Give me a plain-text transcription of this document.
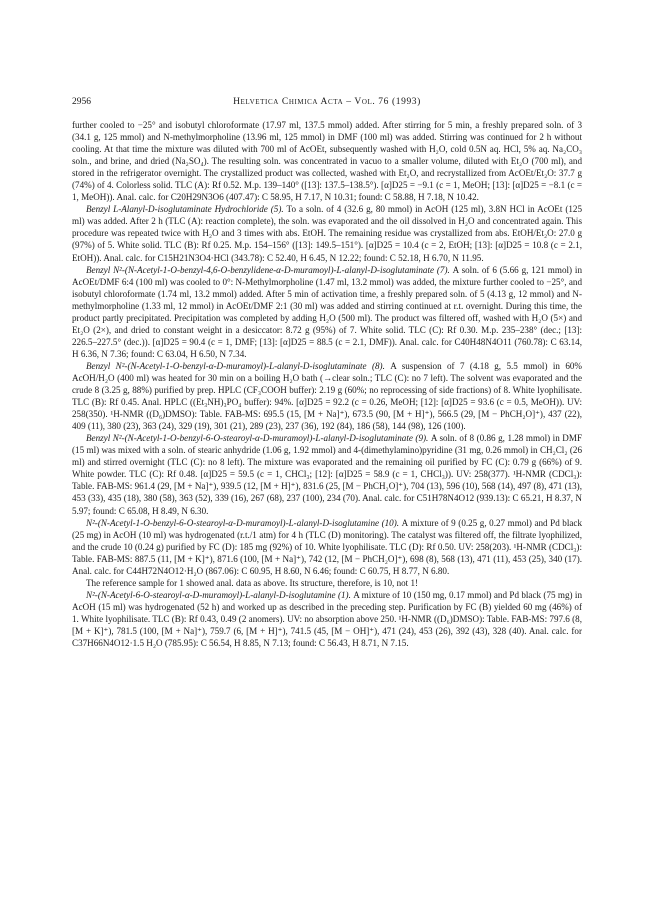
2956	Helvetica Chimica Acta – Vol. 76 (1993)

further cooled to −25° and isobutyl chloroformate (17.97 ml, 137.5 mmol) added. After stirring for 5 min, a freshly prepared soln. of 3 (34.1 g, 125 mmol) and N-methylmorpholine (13.96 ml, 125 mmol) in DMF (100 ml) was added. Stirring was continued for 2 h without cooling. At that time the mixture was diluted with 700 ml of AcOEt, subsequently washed with H₂O, cold 0.5N aq. HCl, 5% aq. Na₂CO₃ soln., and brine, and dried (Na₂SO₄). The resulting soln. was concentrated in vacuo to a smaller volume, diluted with Et₂O (700 ml), and stored in the refrigerator overnight. The crystallized product was collected, washed with Et₂O, and recrystallized from AcOEt/Et₂O: 37.7 g (74%) of 4. Colorless solid. TLC (A): Rf 0.52. M.p. 139–140° ([13]: 137.5–138.5°). [α]D25 = −9.1 (c = 1, MeOH; [13]: [α]D25 = −8.1 (c = 1, MeOH)). Anal. calc. for C20H29N3O6 (407.47): C 58.95, H 7.17, N 10.31; found: C 58.88, H 7.18, N 10.42.

Benzyl L-Alanyl-D-isoglutaminate Hydrochloride (5). To a soln. of 4 (32.6 g, 80 mmol) in AcOH (125 ml), 3.8N HCl in AcOEt (125 ml) was added. After 2 h (TLC (A): reaction complete), the soln. was evaporated and the oil dissolved in H₂O and concentrated again. This procedure was repeated twice with H₂O and 3 times with abs. EtOH. The remaining residue was crystallized from abs. EtOH/Et₂O: 27.0 g (97%) of 5. White solid. TLC (B): Rf 0.25. M.p. 154–156° ([13]: 149.5–151°). [α]D25 = 10.4 (c = 2, EtOH; [13]: [α]D25 = 10.8 (c = 2.1, EtOH)). Anal. calc. for C15H21N3O4·HCl (343.78): C 52.40, H 6.45, N 12.22; found: C 52.18, H 6.70, N 11.95.

Benzyl N²-(N-Acetyl-1-O-benzyl-4,6-O-benzylidene-α-D-muramoyl)-L-alanyl-D-isoglutaminate (7). A soln. of 6 (5.66 g, 121 mmol) in AcOEt/DMF 6:4 (100 ml) was cooled to 0°: N-Methylmorpholine (1.47 ml, 13.2 mmol) was added, the mixture further cooled to −25°, and isobutyl chloroformate (1.74 ml, 13.2 mmol) added. After 5 min of activation time, a freshly prepared soln. of 5 (4.13 g, 12 mmol) and N-methylmorpholine (1.33 ml, 12 mmol) in AcOEt/DMF 2:1 (30 ml) was added and stirring continued at r.t. overnight. During this time, the product partly precipitated. Precipitation was completed by adding H₂O (500 ml). The product was filtered off, washed with H₂O (5×) and Et₂O (2×), and dried to constant weight in a desiccator: 8.72 g (95%) of 7. White solid. TLC (C): Rf 0.30. M.p. 235–238° (dec.; [13]: 226.5–227.5° (dec.)). [α]D25 = 90.4 (c = 1, DMF; [13]: [α]D25 = 88.5 (c = 2.1, DMF)). Anal. calc. for C40H48N4O11 (760.78): C 63.14, H 6.36, N 7.36; found: C 63.04, H 6.50, N 7.34.

Benzyl N²-(N-Acetyl-1-O-benzyl-α-D-muramoyl)-L-alanyl-D-isoglutaminate (8). A suspension of 7 (4.18 g, 5.5 mmol) in 60% AcOH/H₂O (400 ml) was heated for 30 min on a boiling H₂O bath (→clear soln.; TLC (C): no 7 left). The solvent was evaporated and the crude 8 (3.25 g, 88%) purified by prep. HPLC (CF₃COOH buffer): 2.19 g (60%; no reprocessing of side fractions) of 8. White lyophilisate. TLC (B): Rf 0.45. Anal. HPLC ((Et₃NH)₃PO₄ buffer): 94%. [α]D25 = 92.2 (c = 0.26, MeOH; [12]: [α]D25 = 93.6 (c = 0.5, MeOH)). UV: 258(350). ¹H-NMR ((D₆)DMSO): Table. FAB-MS: 695.5 (15, [M + Na]⁺), 673.5 (90, [M + H]⁺), 566.5 (29, [M − PhCH₂O]⁺), 437 (22), 409 (11), 380 (23), 363 (24), 329 (19), 301 (21), 289 (23), 237 (36), 192 (84), 186 (58), 144 (98), 126 (100).

Benzyl N²-(N-Acetyl-1-O-benzyl-6-O-stearoyl-α-D-muramoyl)-L-alanyl-D-isoglutaminate (9). A soln. of 8 (0.86 g, 1.28 mmol) in DMF (15 ml) was mixed with a soln. of stearic anhydride (1.06 g, 1.92 mmol) and 4-(dimethylamino)pyridine (31 mg, 0.26 mmol) in CH₂Cl₂ (26 ml) and stirred overnight (TLC (C): no 8 left). The mixture was evaporated and the remaining oil purified by FC (C): 0.79 g (66%) of 9. White powder. TLC (C): Rf 0.48. [α]D25 = 59.5 (c = 1, CHCl₃; [12]: [α]D25 = 58.9 (c = 1, CHCl₃)). UV: 258(377). ¹H-NMR (CDCl₃): Table. FAB-MS: 961.4 (29, [M + Na]⁺), 939.5 (12, [M + H]⁺), 831.6 (25, [M − PhCH₂O]⁺), 704 (13), 596 (10), 568 (14), 497 (8), 471 (13), 453 (33), 435 (18), 380 (58), 363 (52), 339 (16), 267 (68), 237 (100), 234 (70). Anal. calc. for C51H78N4O12 (939.13): C 65.21, H 8.37, N 5.97; found: C 65.08, H 8.49, N 6.30.

N²-(N-Acetyl-1-O-benzyl-6-O-stearoyl-α-D-muramoyl)-L-alanyl-D-isoglutamine (10). A mixture of 9 (0.25 g, 0.27 mmol) and Pd black (25 mg) in AcOH (10 ml) was hydrogenated (r.t./1 atm) for 4 h (TLC (D) monitoring). The catalyst was filtered off, the filtrate lyophilized, and the crude 10 (0.24 g) purified by FC (D): 185 mg (92%) of 10. White lyophilisate. TLC (D): Rf 0.50. UV: 258(203). ¹H-NMR (CDCl₃): Table. FAB-MS: 887.5 (11, [M + K]⁺), 871.6 (100, [M + Na]⁺), 742 (12, [M − PhCH₂O]⁺), 698 (8), 568 (13), 471 (11), 453 (25), 340 (17). Anal. calc. for C44H72N4O12·H₂O (867.06): C 60.95, H 8.60, N 6.46; found: C 60.75, H 8.77, N 6.80.

The reference sample for 1 showed anal. data as above. Its structure, therefore, is 10, not 1!

N²-(N-Acetyl-6-O-stearoyl-α-D-muramoyl)-L-alanyl-D-isoglutamine (1). A mixture of 10 (150 mg, 0.17 mmol) and Pd black (75 mg) in AcOH (15 ml) was hydrogenated (52 h) and worked up as described in the preceding step. Purification by FC (B) yielded 60 mg (46%) of 1. White lyophilisate. TLC (B): Rf 0.43, 0.49 (2 anomers). UV: no absorption above 250. ¹H-NMR ((D₆)DMSO): Table. FAB-MS: 797.6 (8, [M + K]⁺), 781.5 (100, [M + Na]⁺), 759.7 (6, [M + H]⁺), 741.5 (45, [M − OH]⁺), 471 (24), 453 (26), 392 (43), 328 (40). Anal. calc. for C37H66N4O12·1.5 H₂O (785.95): C 56.54, H 8.85, N 7.13; found: C 56.43, H 8.71, N 7.15.
